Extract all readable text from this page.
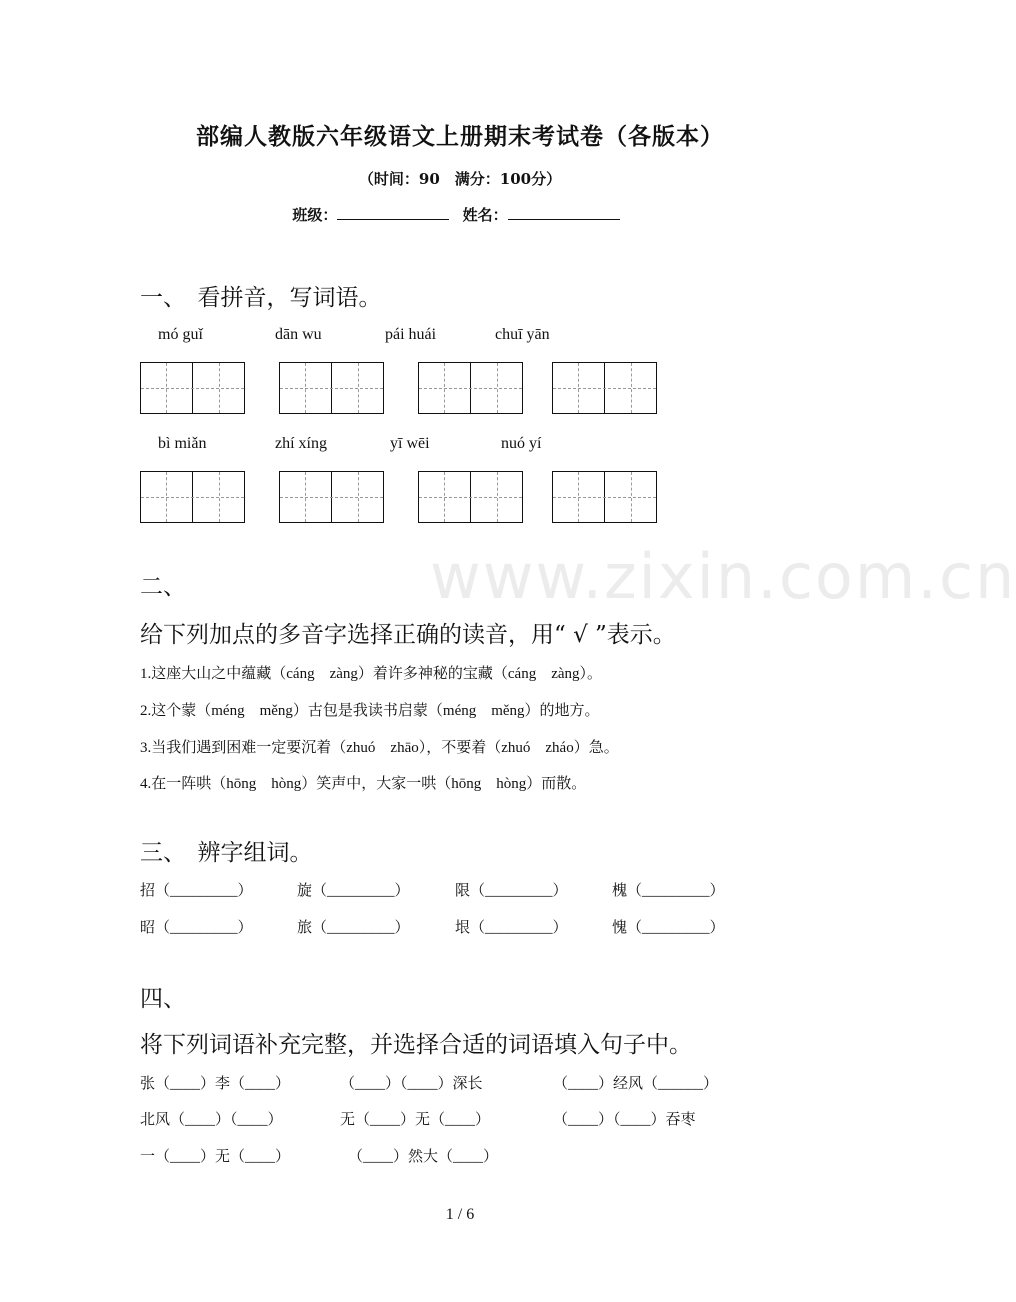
www.zixin.com.cn
部编人教版六年级语文上册期末考试卷（各版本）
（时间：90　满分：100分）
班级：	姓名：
一、　看拼音，写词语。
mó guǐ	dān wu	pái huái	chuī yān
bì miǎn	zhí xíng	yī wēi	nuó yí
二、
给下列加点的多音字选择正确的读音，用“ √ ”表示。
1.这座大山之中蕴藏（cáng　zàng）着许多神秘的宝藏（cáng　zàng）。
2.这个蒙（méng　měng）古包是我读书启蒙（méng　měng）的地方。
3.当我们遇到困难一定要沉着（zhuó　zhāo），不要着（zhuó　zháo）急。
4.在一阵哄（hōng　hòng）笑声中，大家一哄（hōng　hòng）而散。
三、　辨字组词。
招（_________）	旋（_________）	限（_________）	槐（_________）
昭（_________）	旅（_________）	垠（_________）	愧（_________）
四、
将下列词语补充完整，并选择合适的词语填入句子中。
张（____）李（____）	（____）（____）深长	（____）经风（______）
北风（____）（____）	无（____）无（____）	（____）（____）吞枣
一（____）无（____）	（____）然大（____）
1 / 6
